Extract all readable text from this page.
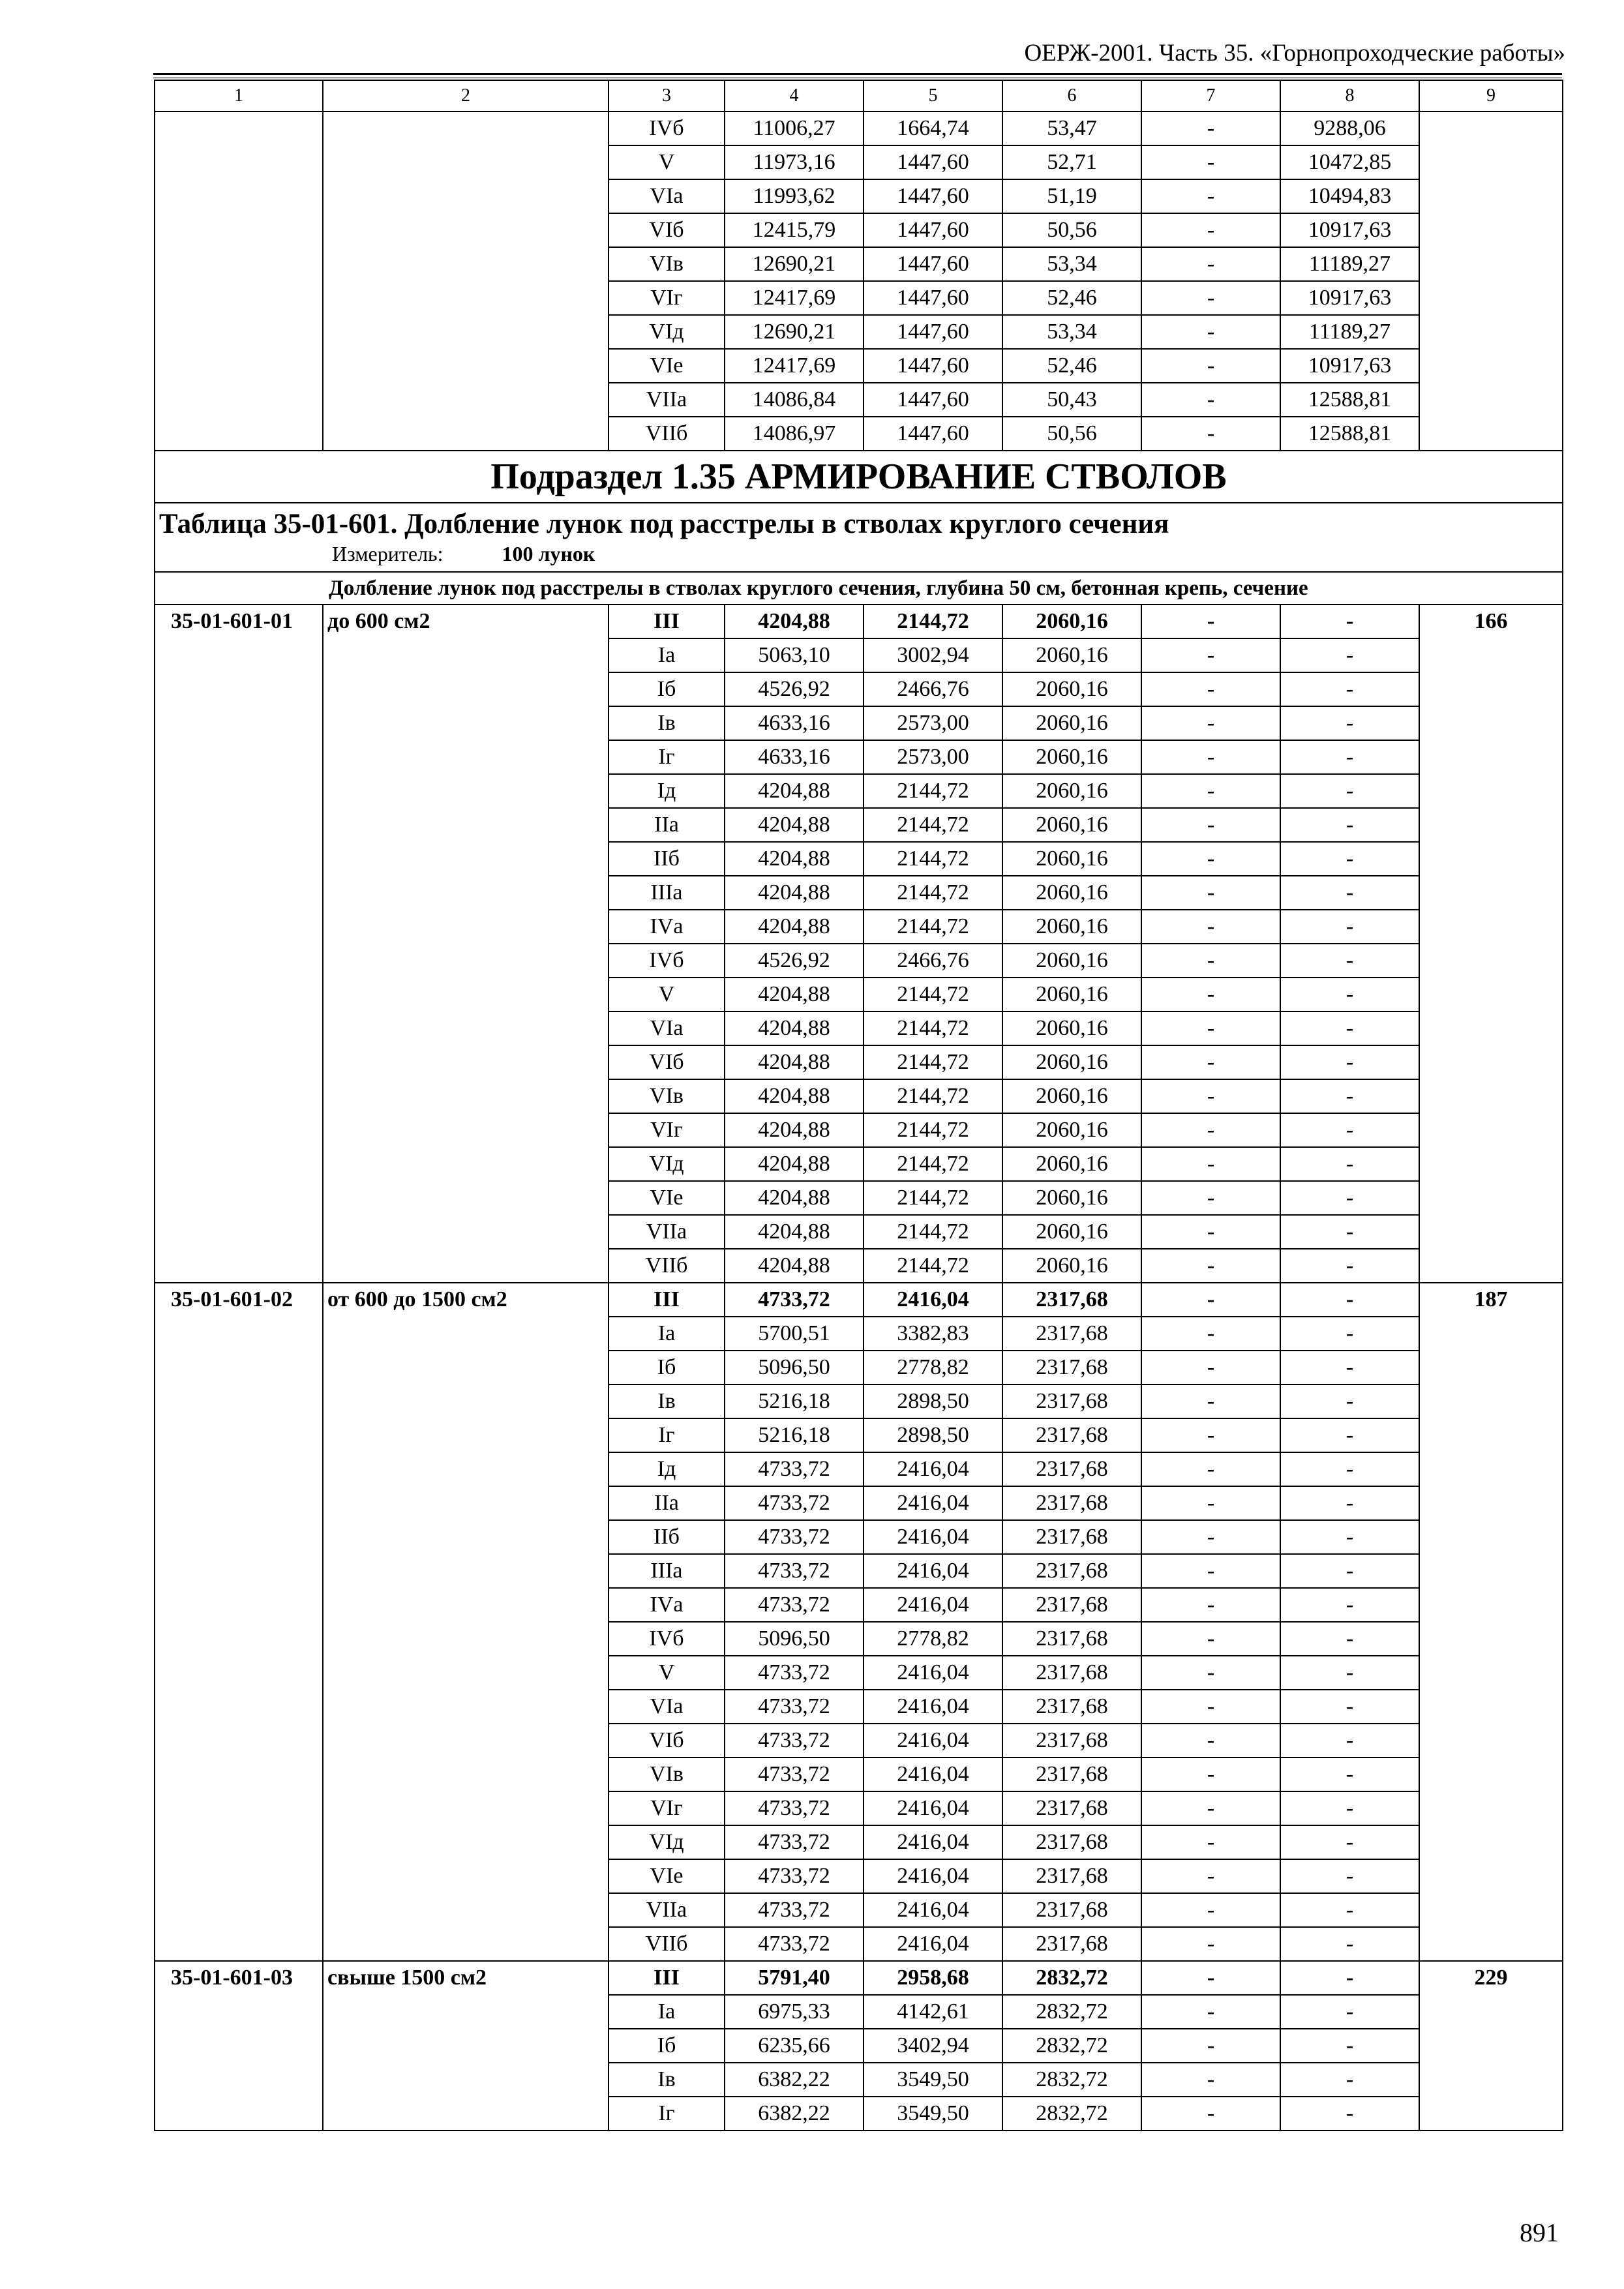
ОЕРЖ-2001. Часть 35. «Горнопроходческие работы»
1	2	3	4	5	6	7	8	9
		IVб	11006,27	1664,74	53,47	-	9288,06	
		V	11973,16	1447,60	52,71	-	10472,85	
		VIа	11993,62	1447,60	51,19	-	10494,83	
		VIб	12415,79	1447,60	50,56	-	10917,63	
		VIв	12690,21	1447,60	53,34	-	11189,27	
		VIг	12417,69	1447,60	52,46	-	10917,63	
		VIд	12690,21	1447,60	53,34	-	11189,27	
		VIе	12417,69	1447,60	52,46	-	10917,63	
		VIIа	14086,84	1447,60	50,43	-	12588,81	
		VIIб	14086,97	1447,60	50,56	-	12588,81	
Подраздел 1.35 АРМИРОВАНИЕ СТВОЛОВ								

Таблица 35-01-601. Долбление лунок под расстрелы в стволах круглого сечения
Измеритель: 100 лунок								

Долбление лунок под расстрелы в стволах круглого сечения, глубина 50 см, бетонная крепь, сечение								
35-01-601-01	до 600 см2	III	4204,88	2144,72	2060,16	-	-	166
		Iа	5063,10	3002,94	2060,16	-	-	
		Iб	4526,92	2466,76	2060,16	-	-	
		Iв	4633,16	2573,00	2060,16	-	-	
		Iг	4633,16	2573,00	2060,16	-	-	
		Iд	4204,88	2144,72	2060,16	-	-	
		IIа	4204,88	2144,72	2060,16	-	-	
		IIб	4204,88	2144,72	2060,16	-	-	
		IIIа	4204,88	2144,72	2060,16	-	-	
		IVа	4204,88	2144,72	2060,16	-	-	
		IVб	4526,92	2466,76	2060,16	-	-	
		V	4204,88	2144,72	2060,16	-	-	
		VIа	4204,88	2144,72	2060,16	-	-	
		VIб	4204,88	2144,72	2060,16	-	-	
		VIв	4204,88	2144,72	2060,16	-	-	
		VIг	4204,88	2144,72	2060,16	-	-	
		VIд	4204,88	2144,72	2060,16	-	-	
		VIе	4204,88	2144,72	2060,16	-	-	
		VIIа	4204,88	2144,72	2060,16	-	-	
		VIIб	4204,88	2144,72	2060,16	-	-	
35-01-601-02	от 600 до 1500 см2	III	4733,72	2416,04	2317,68	-	-	187
		Iа	5700,51	3382,83	2317,68	-	-	
		Iб	5096,50	2778,82	2317,68	-	-	
		Iв	5216,18	2898,50	2317,68	-	-	
		Iг	5216,18	2898,50	2317,68	-	-	
		Iд	4733,72	2416,04	2317,68	-	-	
		IIа	4733,72	2416,04	2317,68	-	-	
		IIб	4733,72	2416,04	2317,68	-	-	
		IIIа	4733,72	2416,04	2317,68	-	-	
		IVа	4733,72	2416,04	2317,68	-	-	
		IVб	5096,50	2778,82	2317,68	-	-	
		V	4733,72	2416,04	2317,68	-	-	
		VIа	4733,72	2416,04	2317,68	-	-	
		VIб	4733,72	2416,04	2317,68	-	-	
		VIв	4733,72	2416,04	2317,68	-	-	
		VIг	4733,72	2416,04	2317,68	-	-	
		VIд	4733,72	2416,04	2317,68	-	-	
		VIе	4733,72	2416,04	2317,68	-	-	
		VIIа	4733,72	2416,04	2317,68	-	-	
		VIIб	4733,72	2416,04	2317,68	-	-	
35-01-601-03	свыше 1500 см2	III	5791,40	2958,68	2832,72	-	-	229
		Iа	6975,33	4142,61	2832,72	-	-	
		Iб	6235,66	3402,94	2832,72	-	-	
		Iв	6382,22	3549,50	2832,72	-	-	
		Iг	6382,22	3549,50	2832,72	-	-	
891
